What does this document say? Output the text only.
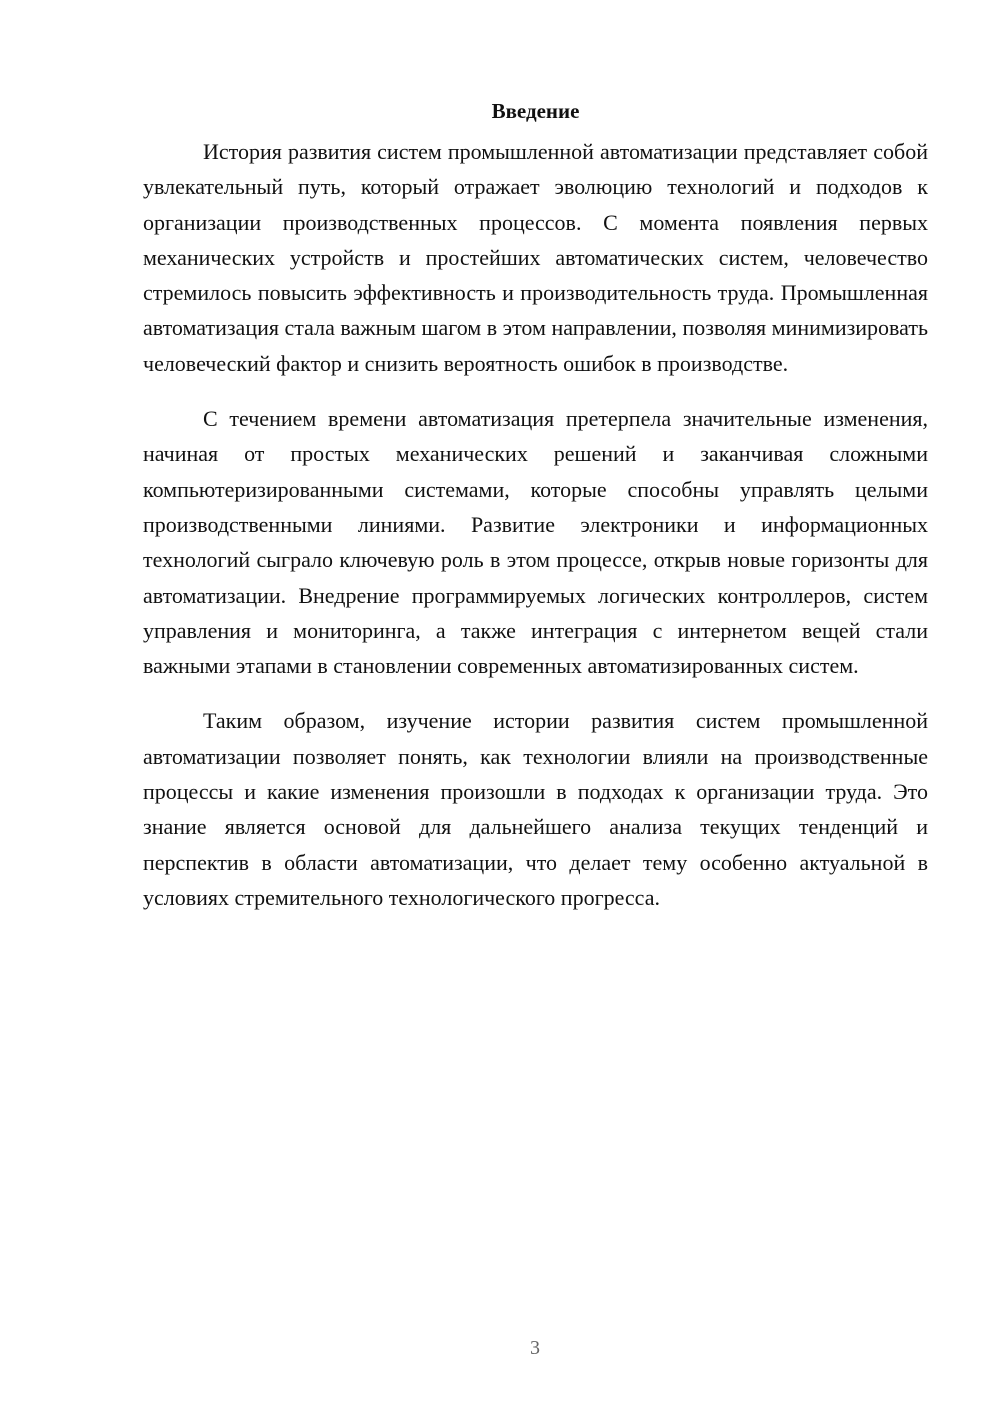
Введение

История развития систем промышленной автоматизации представляет собой увлекательный путь, который отражает эволюцию технологий и подходов к организации производственных процессов. С момента появления первых механических устройств и простейших автоматических систем, человечество стремилось повысить эффективность и производительность труда. Промышленная автоматизация стала важным шагом в этом направлении, позволяя минимизировать человеческий фактор и снизить вероятность ошибок в производстве.

С течением времени автоматизация претерпела значительные изменения, начиная от простых механических решений и заканчивая сложными компьютеризированными системами, которые способны управлять целыми производственными линиями. Развитие электроники и информационных технологий сыграло ключевую роль в этом процессе, открыв новые горизонты для автоматизации. Внедрение программируемых логических контроллеров, систем управления и мониторинга, а также интеграция с интернетом вещей стали важными этапами в становлении современных автоматизированных систем.

Таким образом, изучение истории развития систем промышленной автоматизации позволяет понять, как технологии влияли на производственные процессы и какие изменения произошли в подходах к организации труда. Это знание является основой для дальнейшего анализа текущих тенденций и перспектив в области автоматизации, что делает тему особенно актуальной в условиях стремительного технологического прогресса.

3
